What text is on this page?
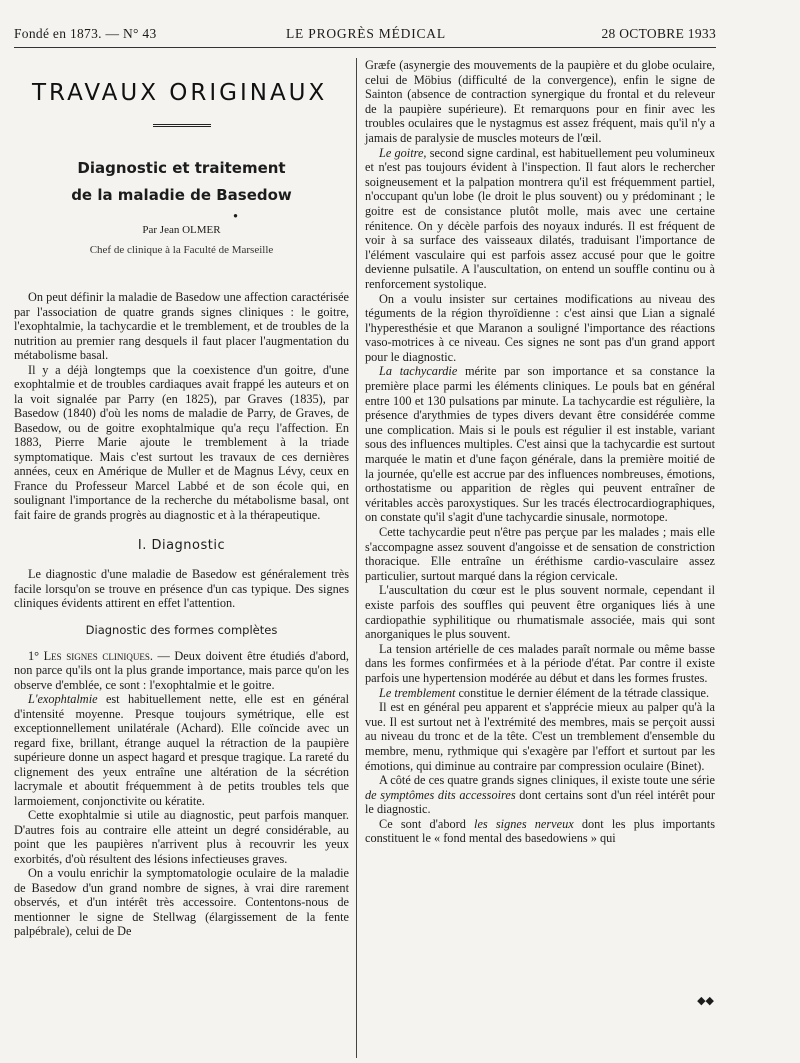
Fondé en 1873. — N° 43	LE PROGRÈS MÉDICAL	28 OCTOBRE 1933
TRAVAUX ORIGINAUX
Diagnostic et traitement
de la maladie de Basedow
●
Par Jean OLMER
Chef de clinique à la Faculté de Marseille

On peut définir la maladie de Basedow une affection caractérisée par l'association de quatre grands signes cliniques : le goitre, l'exophtalmie, la tachycardie et le tremblement, et de troubles de la nutrition au premier rang desquels il faut placer l'augmentation du métabolisme basal.

Il y a déjà longtemps que la coexistence d'un goitre, d'une exophtalmie et de troubles cardiaques avait frappé les auteurs et on la voit signalée par Parry (en 1825), par Graves (1835), par Basedow (1840) d'où les noms de maladie de Parry, de Graves, de Basedow, ou de goitre exophtalmique qu'a reçu l'affection. En 1883, Pierre Marie ajoute le tremblement à la triade symptomatique. Mais c'est surtout les travaux de ces dernières années, ceux en Amérique de Muller et de Magnus Lévy, ceux en France du Professeur Marcel Labbé et de son école qui, en soulignant l'importance de la recherche du métabolisme basal, ont fait faire de grands progrès au diagnostic et à la thérapeutique.

I. Diagnostic

Le diagnostic d'une maladie de Basedow est généralement très facile lorsqu'on se trouve en présence d'un cas typique. Des signes cliniques évidents attirent en effet l'attention.

Diagnostic des formes complètes

1° Les signes cliniques. — Deux doivent être étudiés d'abord, non parce qu'ils ont la plus grande importance, mais parce qu'on les observe d'emblée, ce sont : l'exophtalmie et le goitre.

L'exophtalmie est habituellement nette, elle est en général d'intensité moyenne. Presque toujours symétrique, elle est exceptionnellement unilatérale (Achard). Elle coïncide avec un regard fixe, brillant, étrange auquel la rétraction de la paupière supérieure donne un aspect hagard et presque tragique. La rareté du clignement des yeux entraîne une altération de la sécrétion lacrymale et aboutit fréquemment à de petits troubles tels que larmoiement, conjonctivite ou kératite.

Cette exophtalmie si utile au diagnostic, peut parfois manquer. D'autres fois au contraire elle atteint un degré considérable, au point que les paupières n'arrivent plus à recouvrir les yeux exorbités, d'où résultent des lésions infectieuses graves.

On a voulu enrichir la symptomatologie oculaire de la maladie de Basedow d'un grand nombre de signes, à vrai dire rarement observés, et d'un intérêt très accessoire. Contentons-nous de mentionner le signe de Stellwag (élargissement de la fente palpébrale), celui de De

Græfe (asynergie des mouvements de la paupière et du globe oculaire, celui de Möbius (difficulté de la convergence), enfin le signe de Sainton (absence de contraction synergique du frontal et du releveur de la paupière supérieure). Et remarquons pour en finir avec les troubles oculaires que le nystagmus est assez fréquent, mais qu'il n'y a jamais de paralysie de muscles moteurs de l'œil.

Le goitre, second signe cardinal, est habituellement peu volumineux et n'est pas toujours évident à l'inspection. Il faut alors le rechercher soigneusement et la palpation montrera qu'il est fréquemment partiel, n'occupant qu'un lobe (le droit le plus souvent) ou y prédominant ; le goitre est de consistance plutôt molle, mais avec une certaine rénitence. On y décèle parfois des noyaux indurés. Il est fréquent de voir à sa surface des vaisseaux dilatés, traduisant l'importance de l'élément vasculaire qui est parfois assez accusé pour que le goitre devienne pulsatile. A l'auscultation, on entend un souffle continu ou à renforcement systolique.

On a voulu insister sur certaines modifications au niveau des téguments de la région thyroïdienne : c'est ainsi que Lian a signalé l'hyperesthésie et que Maranon a souligné l'importance des réactions vaso-motrices à ce niveau. Ces signes ne sont pas d'un grand apport pour le diagnostic.

La tachycardie mérite par son importance et sa constance la première place parmi les éléments cliniques. Le pouls bat en général entre 100 et 130 pulsations par minute. La tachycardie est régulière, la présence d'arythmies de types divers devant être considérée comme une complication. Mais si le pouls est régulier il est instable, variant sous des influences multiples. C'est ainsi que la tachycardie est surtout marquée le matin et d'une façon générale, dans la première moitié de la journée, qu'elle est accrue par des influences nombreuses, émotions, orthostatisme ou apparition de règles qui peuvent entraîner de véritables accès paroxystiques. Sur les tracés électrocardiographiques, on constate qu'il s'agit d'une tachycardie sinusale, normotope.

Cette tachycardie peut n'être pas perçue par les malades ; mais elle s'accompagne assez souvent d'angoisse et de sensation de constriction thoracique. Elle entraîne un éréthisme cardio-vasculaire assez particulier, surtout marqué dans la région cervicale.

L'auscultation du cœur est le plus souvent normale, cependant il existe parfois des souffles qui peuvent être organiques liés à une cardiopathie syphilitique ou rhumatismale associée, mais qui sont anorganiques le plus souvent.

La tension artérielle de ces malades paraît normale ou même basse dans les formes confirmées et à la période d'état. Par contre il existe parfois une hypertension modérée au début et dans les formes frustes.

Le tremblement constitue le dernier élément de la tétrade classique.

Il est en général peu apparent et s'apprécie mieux au palper qu'à la vue. Il est surtout net à l'extrémité des membres, mais se perçoit aussi au niveau du tronc et de la tête. C'est un tremblement d'ensemble du membre, menu, rythmique qui s'exagère par l'effort et surtout par les émotions, qui diminue au contraire par compression oculaire (Binet).

A côté de ces quatre grands signes cliniques, il existe toute une série de symptômes dits accessoires dont certains sont d'un réel intérêt pour le diagnostic.

Ce sont d'abord les signes nerveux dont les plus importants constituent le « fond mental des basedowiens » qui

◆◆
